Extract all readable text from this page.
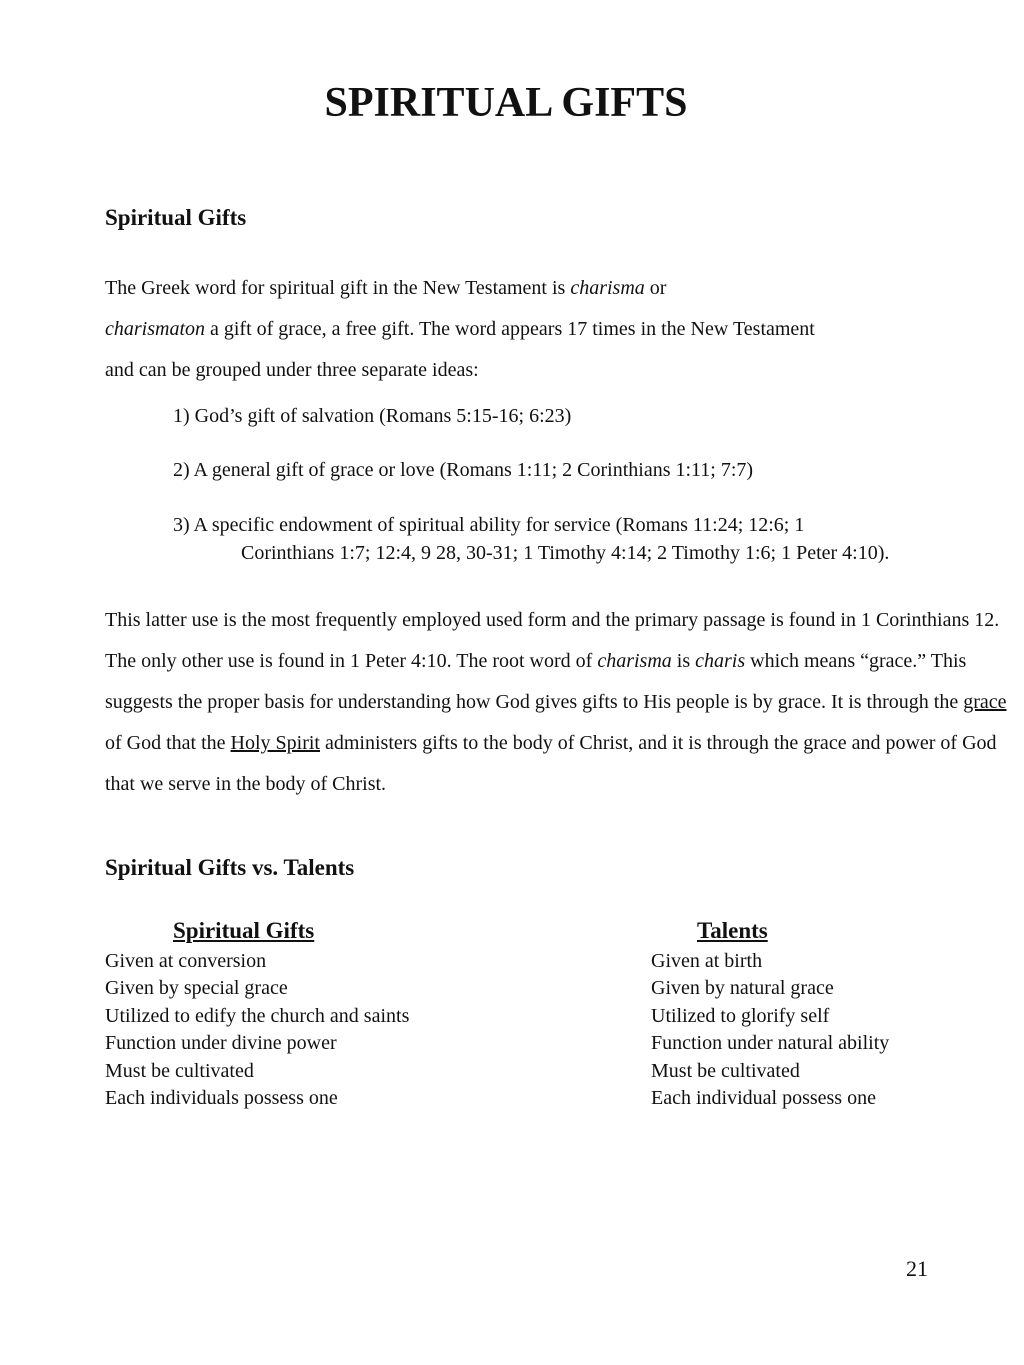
SPIRITUAL GIFTS
Spiritual Gifts

The Greek word for spiritual gift in the New Testament is charisma or
charismaton a gift of grace, a free gift. The word appears 17 times in the New Testament
and can be grouped under three separate ideas:

1) God’s gift of salvation (Romans 5:15-16; 6:23)

2) A general gift of grace or love (Romans 1:11; 2 Corinthians 1:11; 7:7)

3) A specific endowment of spiritual ability for service (Romans 11:24; 12:6; 1
Corinthians 1:7; 12:4, 9 28, 30-31; 1 Timothy 4:14; 2 Timothy 1:6; 1 Peter 4:10).

This latter use is the most frequently employed used form and the primary passage is found in 1 Corinthians 12. The only other use is found in 1 Peter 4:10. The root word of charisma is charis which means “grace.” This suggests the proper basis for understanding how God gives gifts to His people is by grace. It is through the grace of God that the Holy Spirit administers gifts to the body of Christ, and it is through the grace and power of God that we serve in the body of Christ.

Spiritual Gifts vs. Talents
Spiritual Gifts	Talents
Given at conversion
Given by special grace
Utilized to edify the church and saints
Function under divine power
Must be cultivated
Each individuals possess one
Given at birth
Given by natural grace
Utilized to glorify self
Function under natural ability
Must be cultivated
Each individual possess one
21
